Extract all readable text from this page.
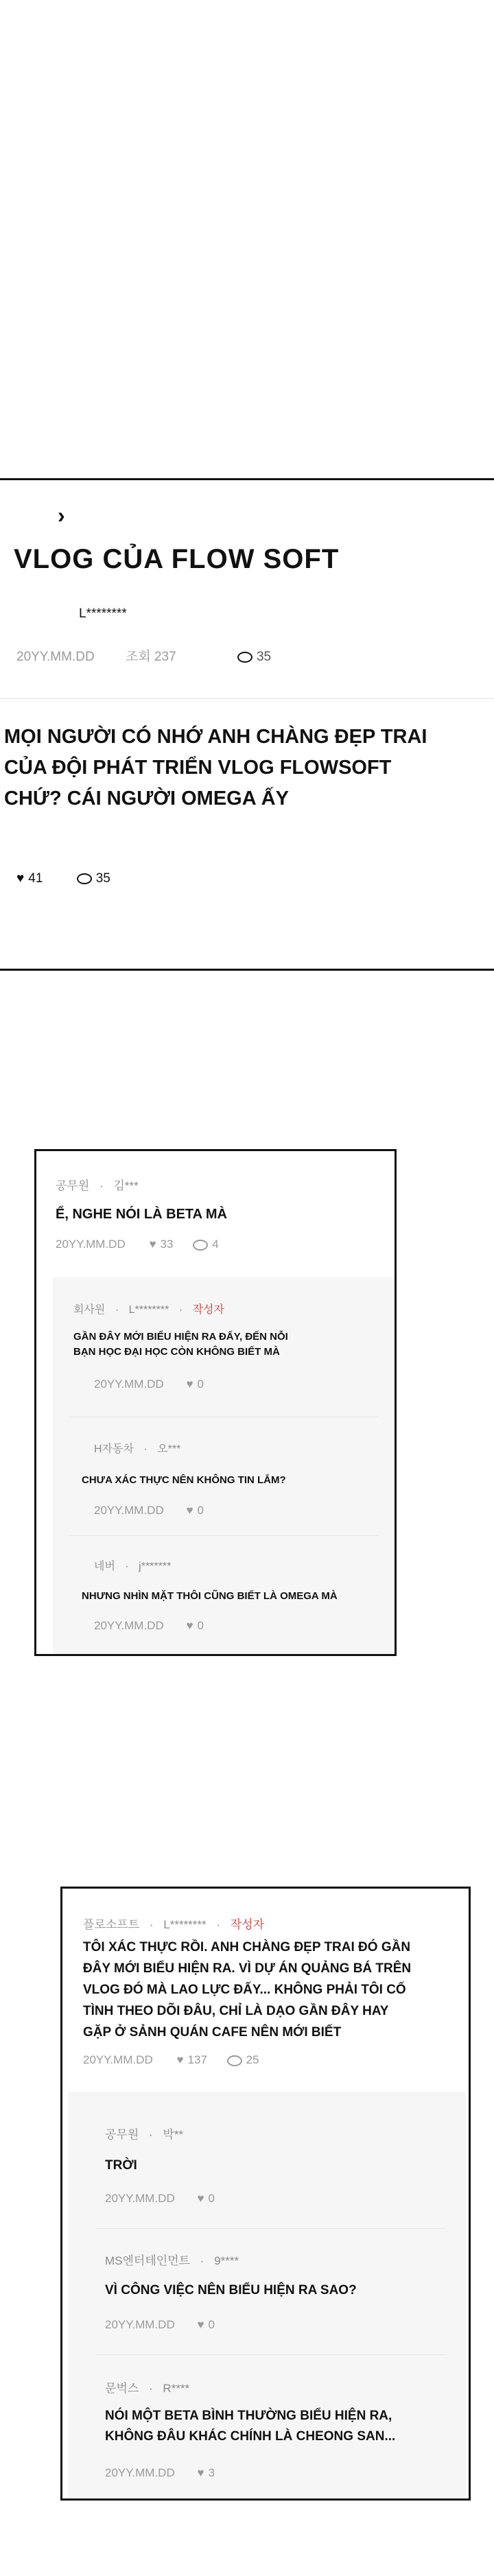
›
VLOG CỦA FLOW SOFT
L********
20YY.MM.DD 조회 237	35
MỌI NGƯỜI CÓ NHỚ ANH CHÀNG ĐẸP TRAI
CỦA ĐỘI PHÁT TRIỂN VLOG FLOWSOFT
CHỨ? CÁI NGƯỜI OMEGA ẤY
♥ 41	35
공무원 · 김***
Ể, NGHE NÓI LÀ BETA MÀ
20YY.MM.DD ♥ 33	4
회사원 · L******** · 작성자
GẦN ĐÂY MỚI BIỂU HIỆN RA ĐẤY, ĐẾN NỖI
BẠN HỌC ĐẠI HỌC CÒN KHÔNG BIẾT MÀ
20YY.MM.DD ♥ 0
H자동차 · 오***
CHƯA XÁC THỰC NÊN KHÔNG TIN LẮM?
20YY.MM.DD ♥ 0
네버 · j*******
NHƯNG NHÌN MẶT THÔI CŨNG BIẾT LÀ OMEGA MÀ
20YY.MM.DD ♥ 0
플로소프트 · L******** · 작성자
TÔI XÁC THỰC RỒI. ANH CHÀNG ĐẸP TRAI ĐÓ GẦN
ĐÂY MỚI BIỂU HIỆN RA. VÌ DỰ ÁN QUẢNG BÁ TRÊN
VLOG ĐÓ MÀ LAO LỰC ĐẤY... KHÔNG PHẢI TÔI CỐ
TÌNH THEO DÕI ĐÂU, CHỈ LÀ DẠO GẦN ĐÂY HAY
GẶP Ở SẢNH QUÁN CAFE NÊN MỚI BIẾT
20YY.MM.DD ♥ 137	25
공무원 · 박**
TRỜI
20YY.MM.DD ♥ 0
MS엔터테인먼트 · 9****
VÌ CÔNG VIỆC NÊN BIỂU HIỆN RA SAO?
20YY.MM.DD ♥ 0
문벅스 · R****
NÓI MỘT BETA BÌNH THƯỜNG BIỂU HIỆN RA,
KHÔNG ĐÂU KHÁC CHÍNH LÀ CHEONG SAN...
20YY.MM.DD ♥ 3
